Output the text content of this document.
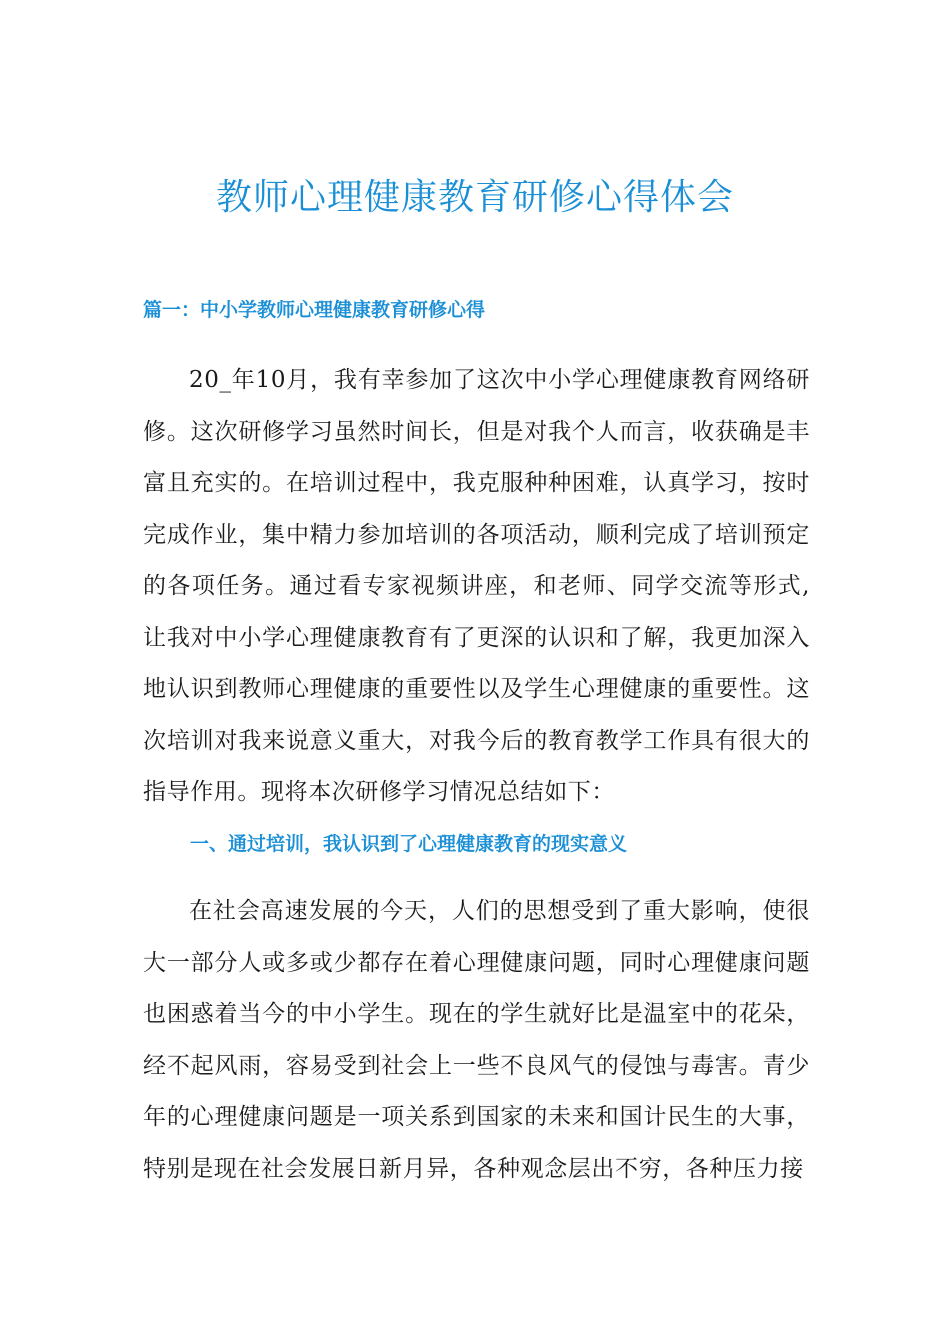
教师心理健康教育研修心得体会
篇一：中小学教师心理健康教育研修心得

20_年10月，我有幸参加了这次中小学心理健康教育网络研修。这次研修学习虽然时间长，但是对我个人而言，收获确是丰富且充实的。在培训过程中，我克服种种困难，认真学习，按时完成作业，集中精力参加培训的各项活动，顺利完成了培训预定的各项任务。通过看专家视频讲座，和老师、同学交流等形式,让我对中小学心理健康教育有了更深的认识和了解，我更加深入地认识到教师心理健康的重要性以及学生心理健康的重要性。这次培训对我来说意义重大，对我今后的教育教学工作具有很大的指导作用。现将本次研修学习情况总结如下：

一、通过培训，我认识到了心理健康教育的现实意义

在社会高速发展的今天，人们的思想受到了重大影响，使很大一部分人或多或少都存在着心理健康问题，同时心理健康问题也困惑着当今的中小学生。现在的学生就好比是温室中的花朵，经不起风雨，容易受到社会上一些不良风气的侵蚀与毒害。青少年的心理健康问题是一项关系到国家的未来和国计民生的大事，特别是现在社会发展日新月异，各种观念层出不穷，各种压力接
